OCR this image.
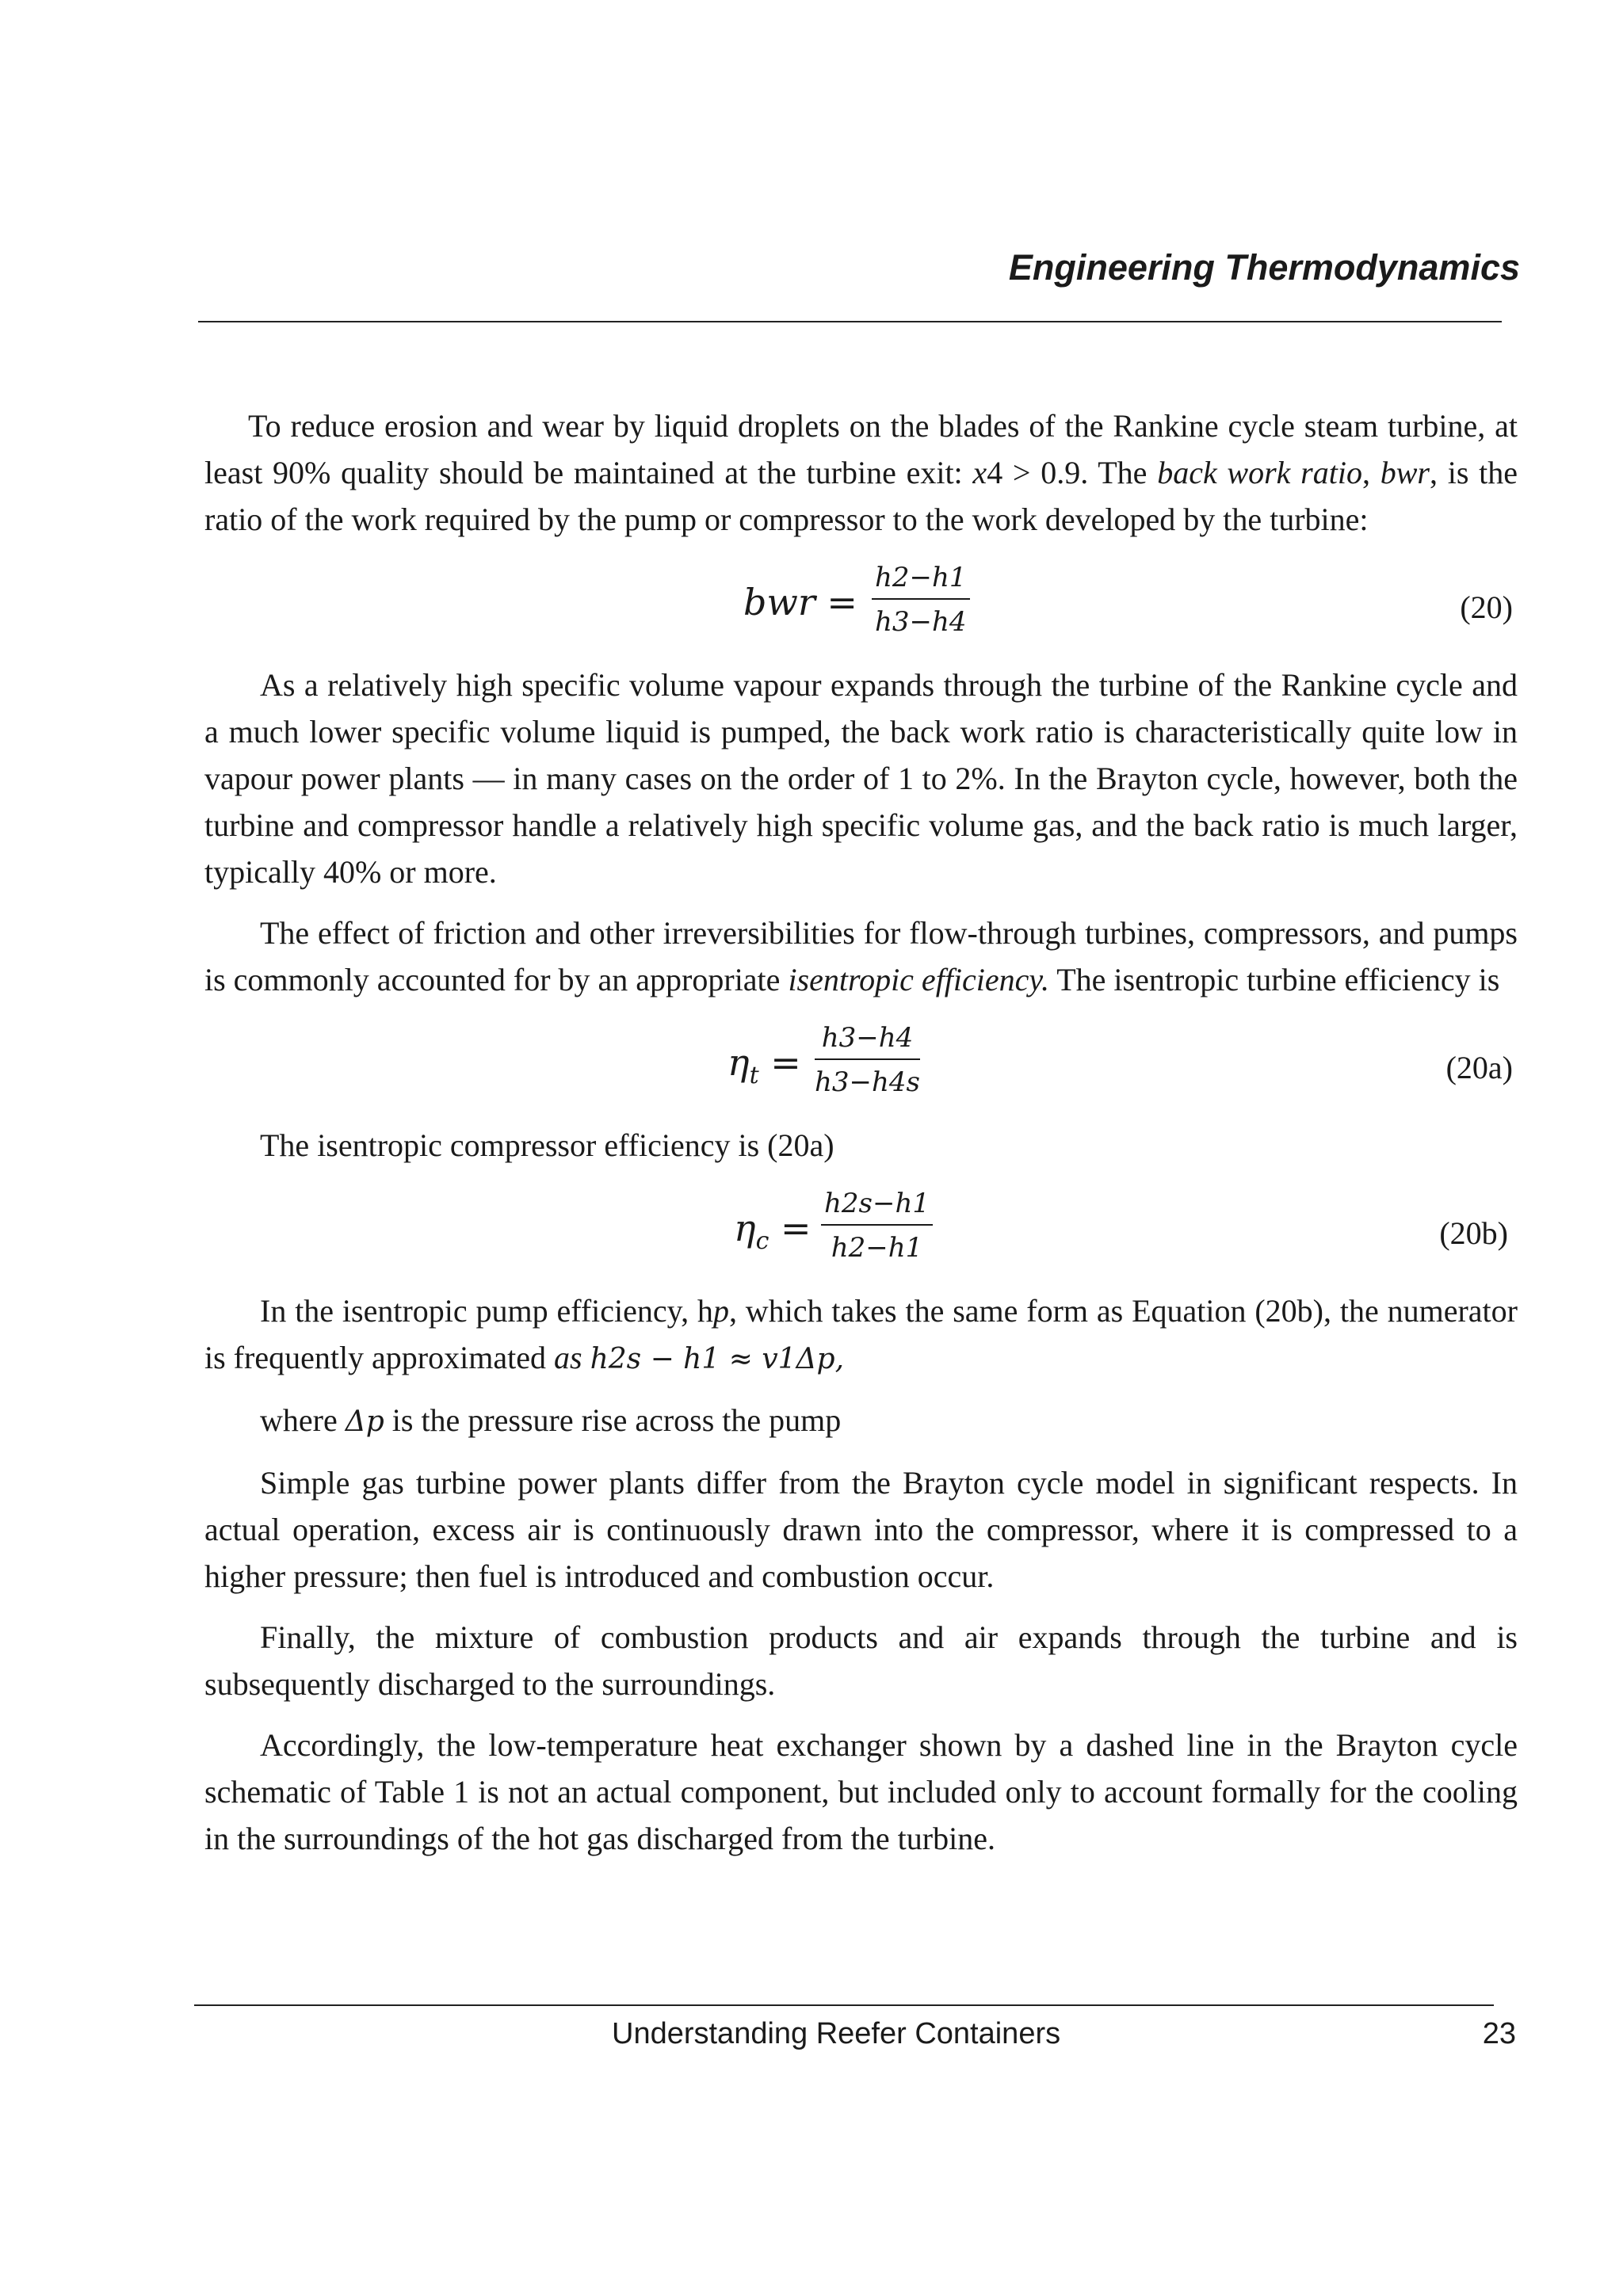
Engineering Thermodynamics

To reduce erosion and wear by liquid droplets on the blades of the Rankine cycle steam turbine, at least 90% quality should be maintained at the turbine exit: x4 > 0.9. The back work ratio, bwr, is the ratio of the work required by the pump or compressor to the work developed by the turbine:

bwr = $\frac{h2-h1}{h3-h4}$	(20)

As a relatively high specific volume vapour expands through the turbine of the Rankine cycle and a much lower specific volume liquid is pumped, the back work ratio is characteristically quite low in vapour power plants — in many cases on the order of 1 to 2%. In the Brayton cycle, however, both the turbine and compressor handle a relatively high specific volume gas, and the back ratio is much larger, typically 40% or more.

The effect of friction and other irreversibilities for flow-through turbines, compressors, and pumps is commonly accounted for by an appropriate isentropic efficiency. The isentropic turbine efficiency is

$\eta_t = \frac{h3-h4}{h3-h4s}$	(20a)

The isentropic compressor efficiency is (20a)

$\eta_c = \frac{h2s-h1}{h2-h1}$	(20b)

In the isentropic pump efficiency, hp, which takes the same form as Equation (20b), the numerator is frequently approximated as h2s − h1 ≈ v1Δp,

where Δp is the pressure rise across the pump

Simple gas turbine power plants differ from the Brayton cycle model in significant respects. In actual operation, excess air is continuously drawn into the compressor, where it is compressed to a higher pressure; then fuel is introduced and combustion occur.

Finally, the mixture of combustion products and air expands through the turbine and is subsequently discharged to the surroundings.

Accordingly, the low-temperature heat exchanger shown by a dashed line in the Brayton cycle schematic of Table 1 is not an actual component, but included only to account formally for the cooling in the surroundings of the hot gas discharged from the turbine.

Understanding Reefer Containers	23
